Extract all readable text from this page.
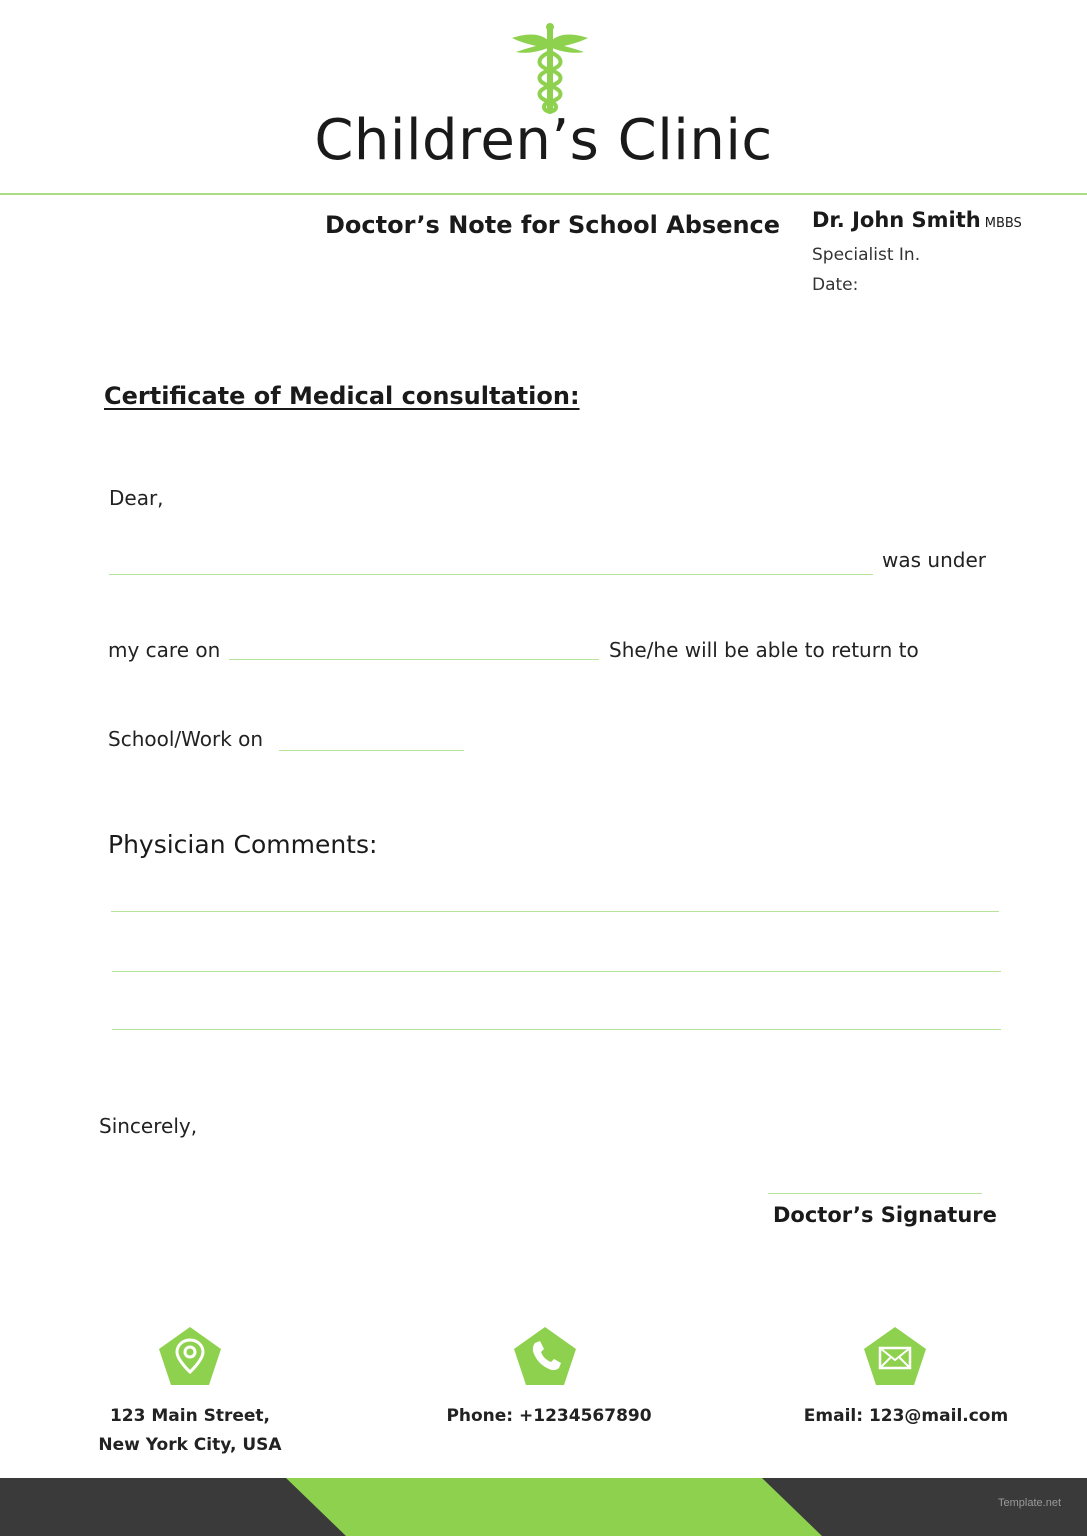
Children’s Clinic
Doctor’s Note for School Absence Dr. John Smith MBBS
Specialist In.
Date:
Certificate of Medical consultation:
Dear,
was under
my care on	She/he will be able to return to
School/Work on
Physician Comments:
Sincerely,
Doctor’s Signature
123 Main Street,
New York City, USA
Phone: +1234567890	Email: 123@mail.com
Template.net
